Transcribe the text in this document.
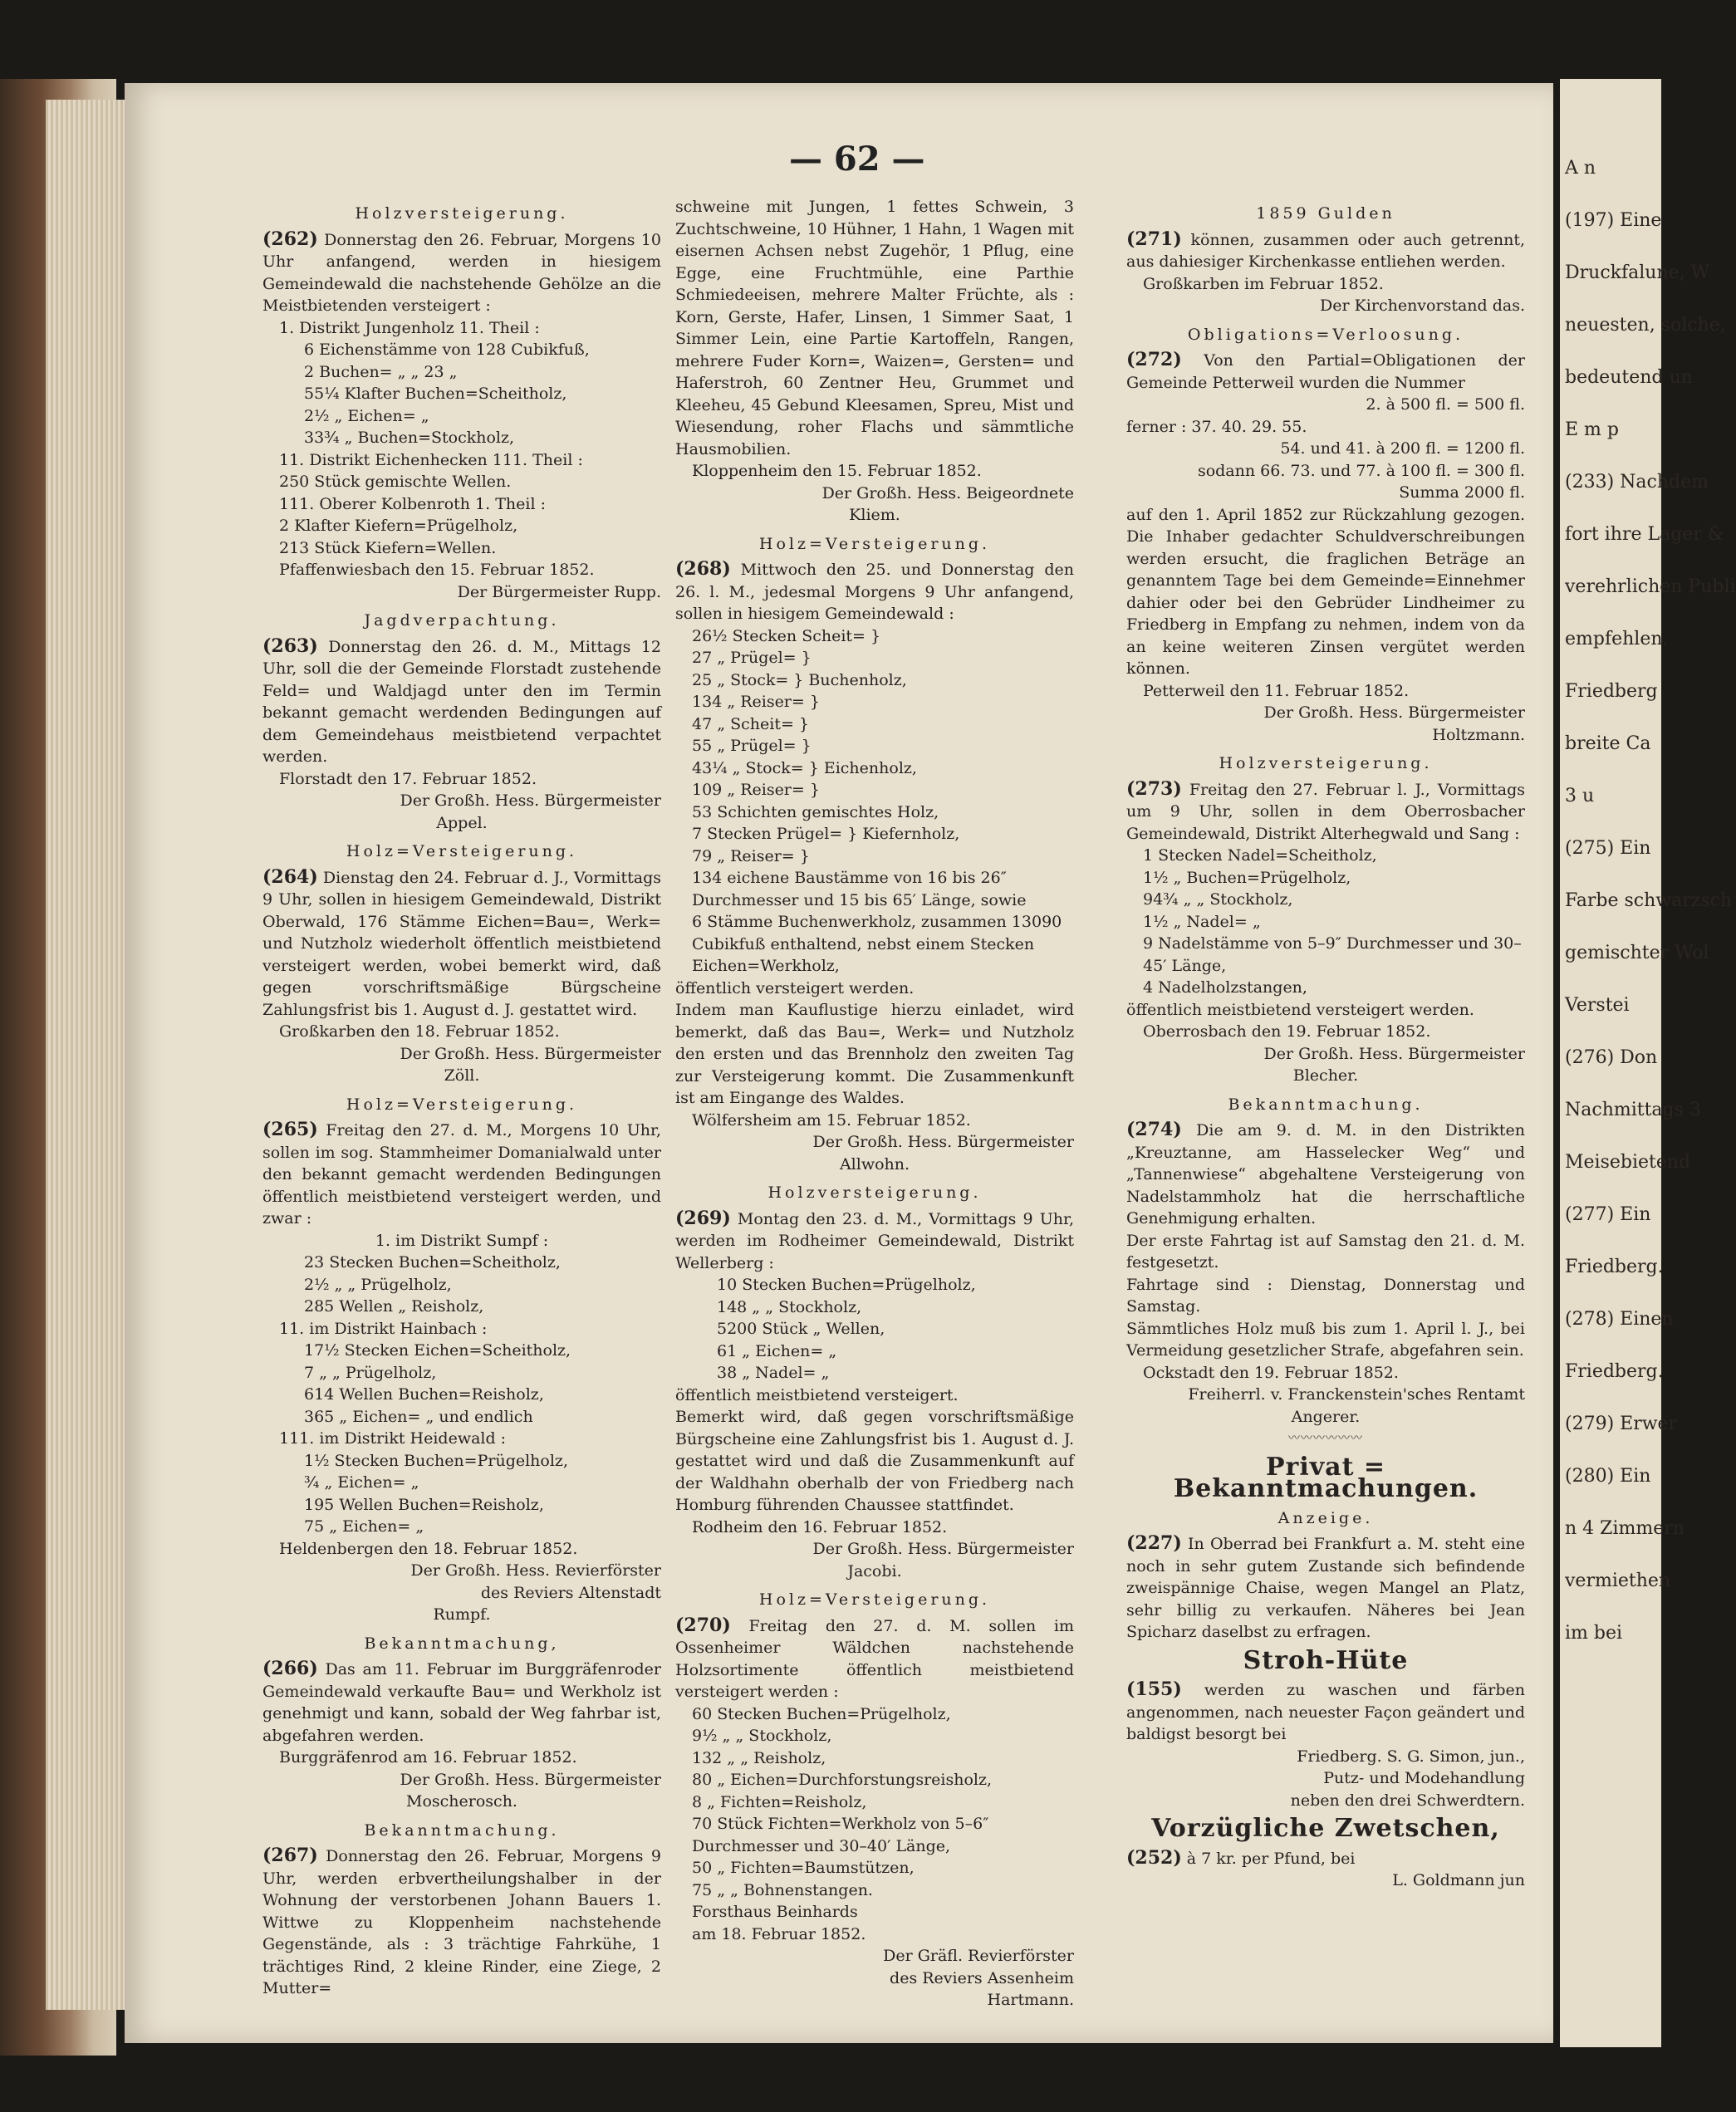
— 62 —
Holzversteigerung.
(262) Donnerstag den 26. Februar, Morgens 10 Uhr anfangend, werden in hiesigem Gemeindewald die nachstehende Gehölze an die Meistbietenden versteigert :
1. Distrikt Jungenholz 11. Theil :
6 Eichenstämme von 128 Cubikfuß,
2 Buchen= „ „ 23 „
55¼ Klafter Buchen=Scheitholz,
2½ „ Eichen= „
33¾ „ Buchen=Stockholz,
11. Distrikt Eichenhecken 111. Theil :
250 Stück gemischte Wellen.
111. Oberer Kolbenroth 1. Theil :
2 Klafter Kiefern=Prügelholz,
213 Stück Kiefern=Wellen.
Pfaffenwiesbach den 15. Februar 1852.
Der Bürgermeister Rupp.
Jagdverpachtung.
(263) Donnerstag den 26. d. M., Mittags 12 Uhr, soll die der Gemeinde Florstadt zustehende Feld= und Waldjagd unter den im Termin bekannt gemacht werdenden Bedingungen auf dem Gemeindehaus meistbietend verpachtet werden.
Florstadt den 17. Februar 1852.
Der Großh. Hess. Bürgermeister
Appel.
Holz=Versteigerung.
(264) Dienstag den 24. Februar d. J., Vormittags 9 Uhr, sollen in hiesigem Gemeindewald, Distrikt Oberwald, 176 Stämme Eichen=Bau=, Werk= und Nutzholz wiederholt öffentlich meistbietend versteigert werden, wobei bemerkt wird, daß gegen vorschriftsmäßige Bürgscheine Zahlungsfrist bis 1. August d. J. gestattet wird.
Großkarben den 18. Februar 1852.
Der Großh. Hess. Bürgermeister
Zöll.
Holz=Versteigerung.
(265) Freitag den 27. d. M., Morgens 10 Uhr, sollen im sog. Stammheimer Domanialwald unter den bekannt gemacht werdenden Bedingungen öffentlich meistbietend versteigert werden, und zwar :
1. im Distrikt Sumpf :
23 Stecken Buchen=Scheitholz,
2½ „ „ Prügelholz,
285 Wellen „ Reisholz,
11. im Distrikt Hainbach :
17½ Stecken Eichen=Scheitholz,
7 „ „ Prügelholz,
614 Wellen Buchen=Reisholz,
365 „ Eichen= „ und endlich
111. im Distrikt Heidewald :
1½ Stecken Buchen=Prügelholz,
¾ „ Eichen= „
195 Wellen Buchen=Reisholz,
75 „ Eichen= „
Heldenbergen den 18. Februar 1852.
Der Großh. Hess. Revierförster
des Reviers Altenstadt
Rumpf.
Bekanntmachung,
(266) Das am 11. Februar im Burggräfenroder Gemeindewald verkaufte Bau= und Werkholz ist genehmigt und kann, sobald der Weg fahrbar ist, abgefahren werden.
Burggräfenrod am 16. Februar 1852.
Der Großh. Hess. Bürgermeister
Moscherosch.
Bekanntmachung.
(267) Donnerstag den 26. Februar, Morgens 9 Uhr, werden erbvertheilungshalber in der Wohnung der verstorbenen Johann Bauers 1. Wittwe zu Kloppenheim nachstehende Gegenstände, als : 3 trächtige Fahrkühe, 1 trächtiges Rind, 2 kleine Rinder, eine Ziege, 2 Mutter=
schweine mit Jungen, 1 fettes Schwein, 3 Zuchtschweine, 10 Hühner, 1 Hahn, 1 Wagen mit eisernen Achsen nebst Zugehör, 1 Pflug, eine Egge, eine Fruchtmühle, eine Parthie Schmiedeeisen, mehrere Malter Früchte, als : Korn, Gerste, Hafer, Linsen, 1 Simmer Saat, 1 Simmer Lein, eine Partie Kartoffeln, Rangen, mehrere Fuder Korn=, Waizen=, Gersten= und Haferstroh, 60 Zentner Heu, Grummet und Kleeheu, 45 Gebund Kleesamen, Spreu, Mist und Wiesendung, roher Flachs und sämmtliche Hausmobilien.
Kloppenheim den 15. Februar 1852.
Der Großh. Hess. Beigeordnete
Kliem.
Holz=Versteigerung.
(268) Mittwoch den 25. und Donnerstag den 26. l. M., jedesmal Morgens 9 Uhr anfangend, sollen in hiesigem Gemeindewald :
26½ Stecken Scheit= }
27 „ Prügel= }
25 „ Stock= } Buchenholz,
134 „ Reiser= }
47 „ Scheit= }
55 „ Prügel= }
43¼ „ Stock= } Eichenholz,
109 „ Reiser= }
53 Schichten gemischtes Holz,
7 Stecken Prügel= } Kiefernholz,
79 „ Reiser= }
134 eichene Baustämme von 16 bis 26″ Durchmesser und 15 bis 65′ Länge, sowie
6 Stämme Buchenwerkholz, zusammen 13090 Cubikfuß enthaltend, nebst einem Stecken Eichen=Werkholz,
öffentlich versteigert werden.
Indem man Kauflustige hierzu einladet, wird bemerkt, daß das Bau=, Werk= und Nutzholz den ersten und das Brennholz den zweiten Tag zur Versteigerung kommt. Die Zusammenkunft ist am Eingange des Waldes.
Wölfersheim am 15. Februar 1852.
Der Großh. Hess. Bürgermeister
Allwohn.
Holzversteigerung.
(269) Montag den 23. d. M., Vormittags 9 Uhr, werden im Rodheimer Gemeindewald, Distrikt Wellerberg :
10 Stecken Buchen=Prügelholz,
148 „ „ Stockholz,
5200 Stück „ Wellen,
61 „ Eichen= „
38 „ Nadel= „
öffentlich meistbietend versteigert.
Bemerkt wird, daß gegen vorschriftsmäßige Bürgscheine eine Zahlungsfrist bis 1. August d. J. gestattet wird und daß die Zusammenkunft auf der Waldhahn oberhalb der von Friedberg nach Homburg führenden Chaussee stattfindet.
Rodheim den 16. Februar 1852.
Der Großh. Hess. Bürgermeister
Jacobi.
Holz=Versteigerung.
(270) Freitag den 27. d. M. sollen im Ossenheimer Wäldchen nachstehende Holzsortimente öffentlich meistbietend versteigert werden :
60 Stecken Buchen=Prügelholz,
9½ „ „ Stockholz,
132 „ „ Reisholz,
80 „ Eichen=Durchforstungsreisholz,
8 „ Fichten=Reisholz,
70 Stück Fichten=Werkholz von 5–6″ Durchmesser und 30–40′ Länge,
50 „ Fichten=Baumstützen,
75 „ „ Bohnenstangen.
Forsthaus Beinhards
am 18. Februar 1852.
Der Gräfl. Revierförster
des Reviers Assenheim
Hartmann.
1859 Gulden
(271) können, zusammen oder auch getrennt, aus dahiesiger Kirchenkasse entliehen werden.
Großkarben im Februar 1852.
Der Kirchenvorstand das.
Obligations=Verloosung.
(272) Von den Partial=Obligationen der Gemeinde Petterweil wurden die Nummer
2. à 500 fl. = 500 fl.
ferner : 37. 40. 29. 55.
54. und 41. à 200 fl. = 1200 fl.
sodann 66. 73. und 77. à 100 fl. = 300 fl.
Summa 2000 fl.
auf den 1. April 1852 zur Rückzahlung gezogen. Die Inhaber gedachter Schuldverschreibungen werden ersucht, die fraglichen Beträge an genanntem Tage bei dem Gemeinde=Einnehmer dahier oder bei den Gebrüder Lindheimer zu Friedberg in Empfang zu nehmen, indem von da an keine weiteren Zinsen vergütet werden können.
Petterweil den 11. Februar 1852.
Der Großh. Hess. Bürgermeister
Holtzmann.
Holzversteigerung.
(273) Freitag den 27. Februar l. J., Vormittags um 9 Uhr, sollen in dem Oberrosbacher Gemeindewald, Distrikt Alterhegwald und Sang :
1 Stecken Nadel=Scheitholz,
1½ „ Buchen=Prügelholz,
94¾ „ „ Stockholz,
1½ „ Nadel= „
9 Nadelstämme von 5–9″ Durchmesser und 30–45′ Länge,
4 Nadelholzstangen,
öffentlich meistbietend versteigert werden.
Oberrosbach den 19. Februar 1852.
Der Großh. Hess. Bürgermeister
Blecher.
Bekanntmachung.
(274) Die am 9. d. M. in den Distrikten „Kreuztanne, am Hasselecker Weg“ und „Tannenwiese“ abgehaltene Versteigerung von Nadelstammholz hat die herrschaftliche Genehmigung erhalten.
Der erste Fahrtag ist auf Samstag den 21. d. M. festgesetzt.
Fahrtage sind : Dienstag, Donnerstag und Samstag.
Sämmtliches Holz muß bis zum 1. April l. J., bei Vermeidung gesetzlicher Strafe, abgefahren sein.
Ockstadt den 19. Februar 1852.
Freiherrl. v. Franckenstein'sches Rentamt
Angerer.
〰〰〰〰〰〰
Privat = Bekanntmachungen.
Anzeige.
(227) In Oberrad bei Frankfurt a. M. steht eine noch in sehr gutem Zustande sich befindende zweispännige Chaise, wegen Mangel an Platz, sehr billig zu verkaufen. Näheres bei Jean Spicharz daselbst zu erfragen.
Stroh-Hüte
(155) werden zu waschen und färben angenommen, nach neuester Façon geändert und baldigst besorgt bei
Friedberg. S. G. Simon, jun.,
Putz- und Modehandlung
neben den drei Schwerdtern.
Vorzügliche Zwetschen,
(252) à 7 kr. per Pfund, bei
L. Goldmann jun
A n
(197) Eine
Druckfalune, W
neuesten, solche,
bedeutend un
E m p
(233) Nachdem
fort ihre Lager &
verehrlichen Publi
empfehlen.
Friedberg
breite Ca
3 u
(275) Ein
Farbe schwarzsch
gemischter Wol
Verstei
(276) Don
Nachmittags 3
Meisebietend
(277) Ein
Friedberg.
(278) Einen
Friedberg.
(279) Erwer
(280) Ein
n 4 Zimmern
vermiethen
im bei
